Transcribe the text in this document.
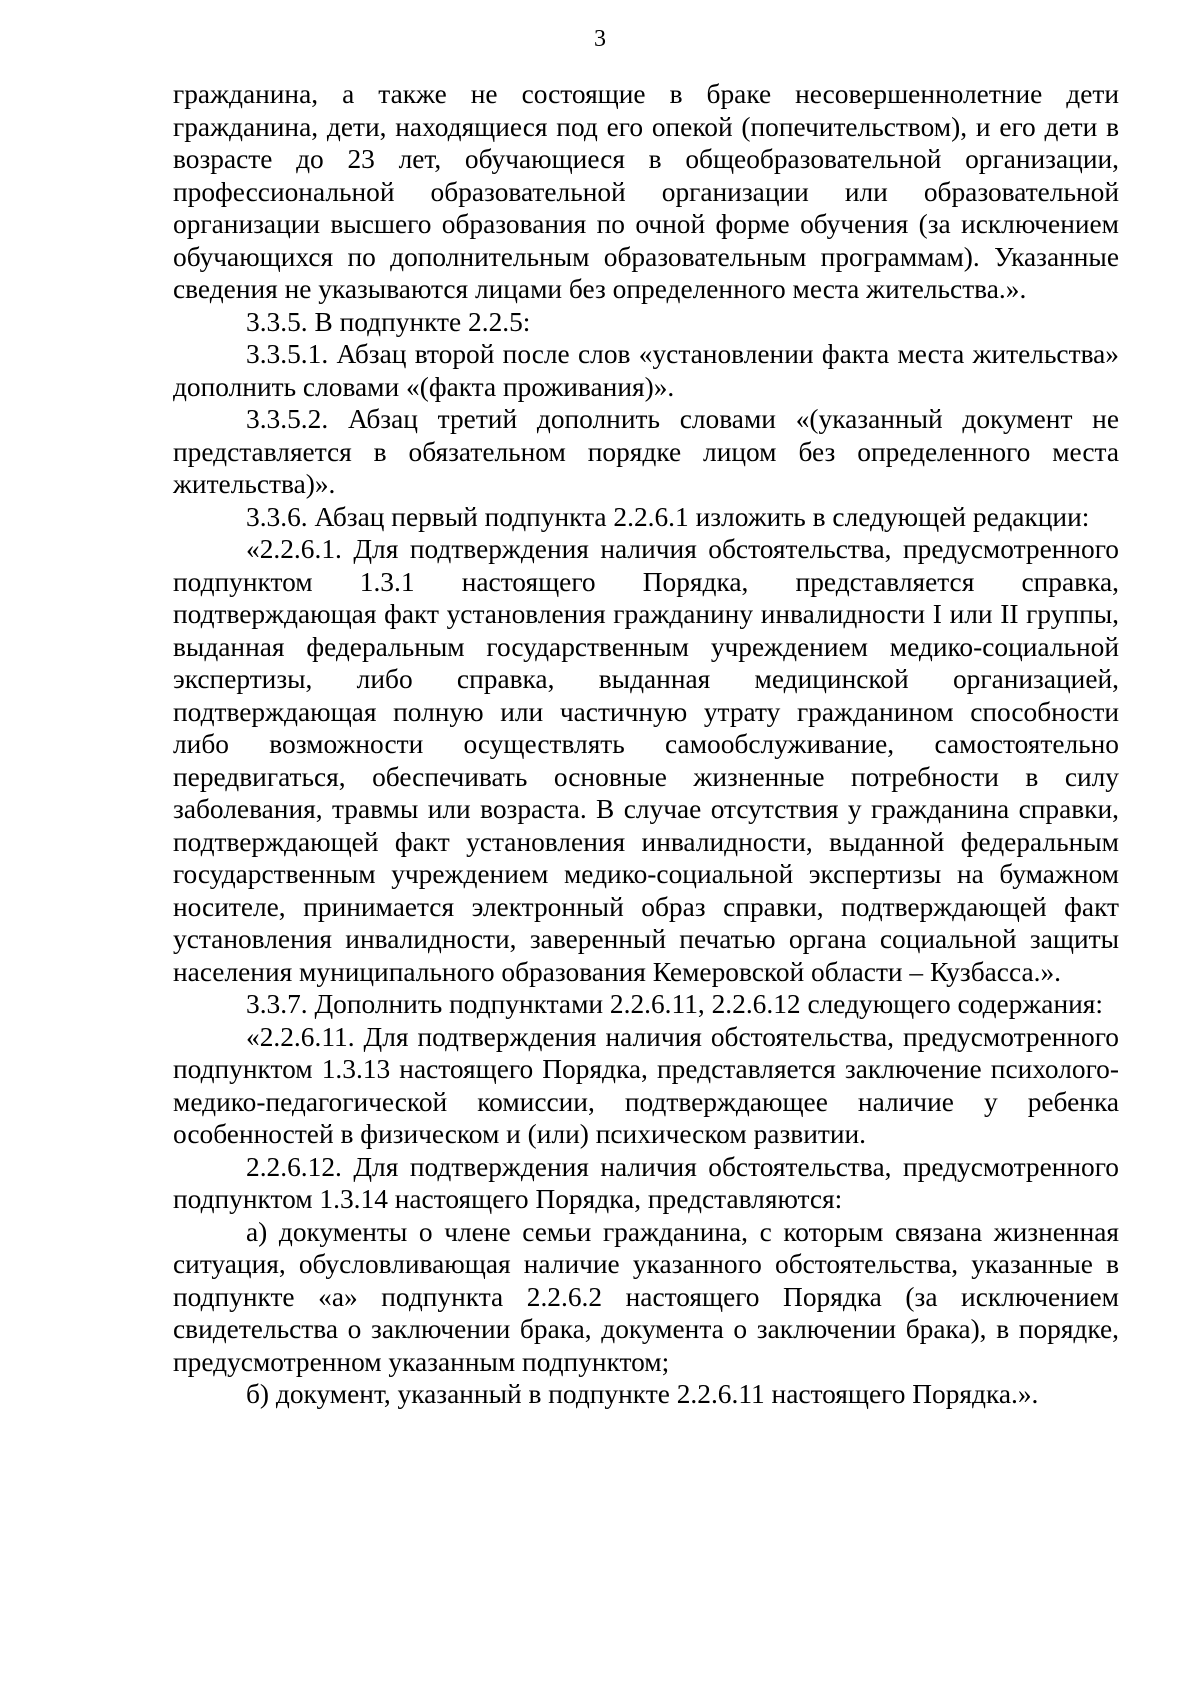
3

гражданина, а также не состоящие в браке несовершеннолетние дети гражданина, дети, находящиеся под его опекой (попечительством), и его дети в возрасте до 23 лет, обучающиеся в общеобразовательной организации, профессиональной образовательной организации или образовательной организации высшего образования по очной форме обучения (за исключением обучающихся по дополнительным образовательным программам). Указанные сведения не указываются лицами без определенного места жительства.».

3.3.5. В подпункте 2.2.5:

3.3.5.1. Абзац второй после слов «установлении факта места жительства» дополнить словами «(факта проживания)».

3.3.5.2. Абзац третий дополнить словами «(указанный документ не представляется в обязательном порядке лицом без определенного места жительства)».

3.3.6. Абзац первый подпункта 2.2.6.1 изложить в следующей редакции:

«2.2.6.1. Для подтверждения наличия обстоятельства, предусмотренного подпунктом 1.3.1 настоящего Порядка, представляется справка, подтверждающая факт установления гражданину инвалидности I или II группы, выданная федеральным государственным учреждением медико-социальной экспертизы, либо справка, выданная медицинской организацией, подтверждающая полную или частичную утрату гражданином способности либо возможности осуществлять самообслуживание, самостоятельно передвигаться, обеспечивать основные жизненные потребности в силу заболевания, травмы или возраста. В случае отсутствия у гражданина справки, подтверждающей факт установления инвалидности, выданной федеральным государственным учреждением медико-социальной экспертизы на бумажном носителе, принимается электронный образ справки, подтверждающей факт установления инвалидности, заверенный печатью органа социальной защиты населения муниципального образования Кемеровской области – Кузбасса.».

3.3.7. Дополнить подпунктами 2.2.6.11, 2.2.6.12 следующего содержания:

«2.2.6.11. Для подтверждения наличия обстоятельства, предусмотренного подпунктом 1.3.13 настоящего Порядка, представляется заключение психолого-медико-педагогической комиссии, подтверждающее наличие у ребенка особенностей в физическом и (или) психическом развитии.

2.2.6.12. Для подтверждения наличия обстоятельства, предусмотренного подпунктом 1.3.14 настоящего Порядка, представляются:

а) документы о члене семьи гражданина, с которым связана жизненная ситуация, обусловливающая наличие указанного обстоятельства, указанные в подпункте «а» подпункта 2.2.6.2 настоящего Порядка (за исключением свидетельства о заключении брака, документа о заключении брака), в порядке, предусмотренном указанным подпунктом;

б) документ, указанный в подпункте 2.2.6.11 настоящего Порядка.».
